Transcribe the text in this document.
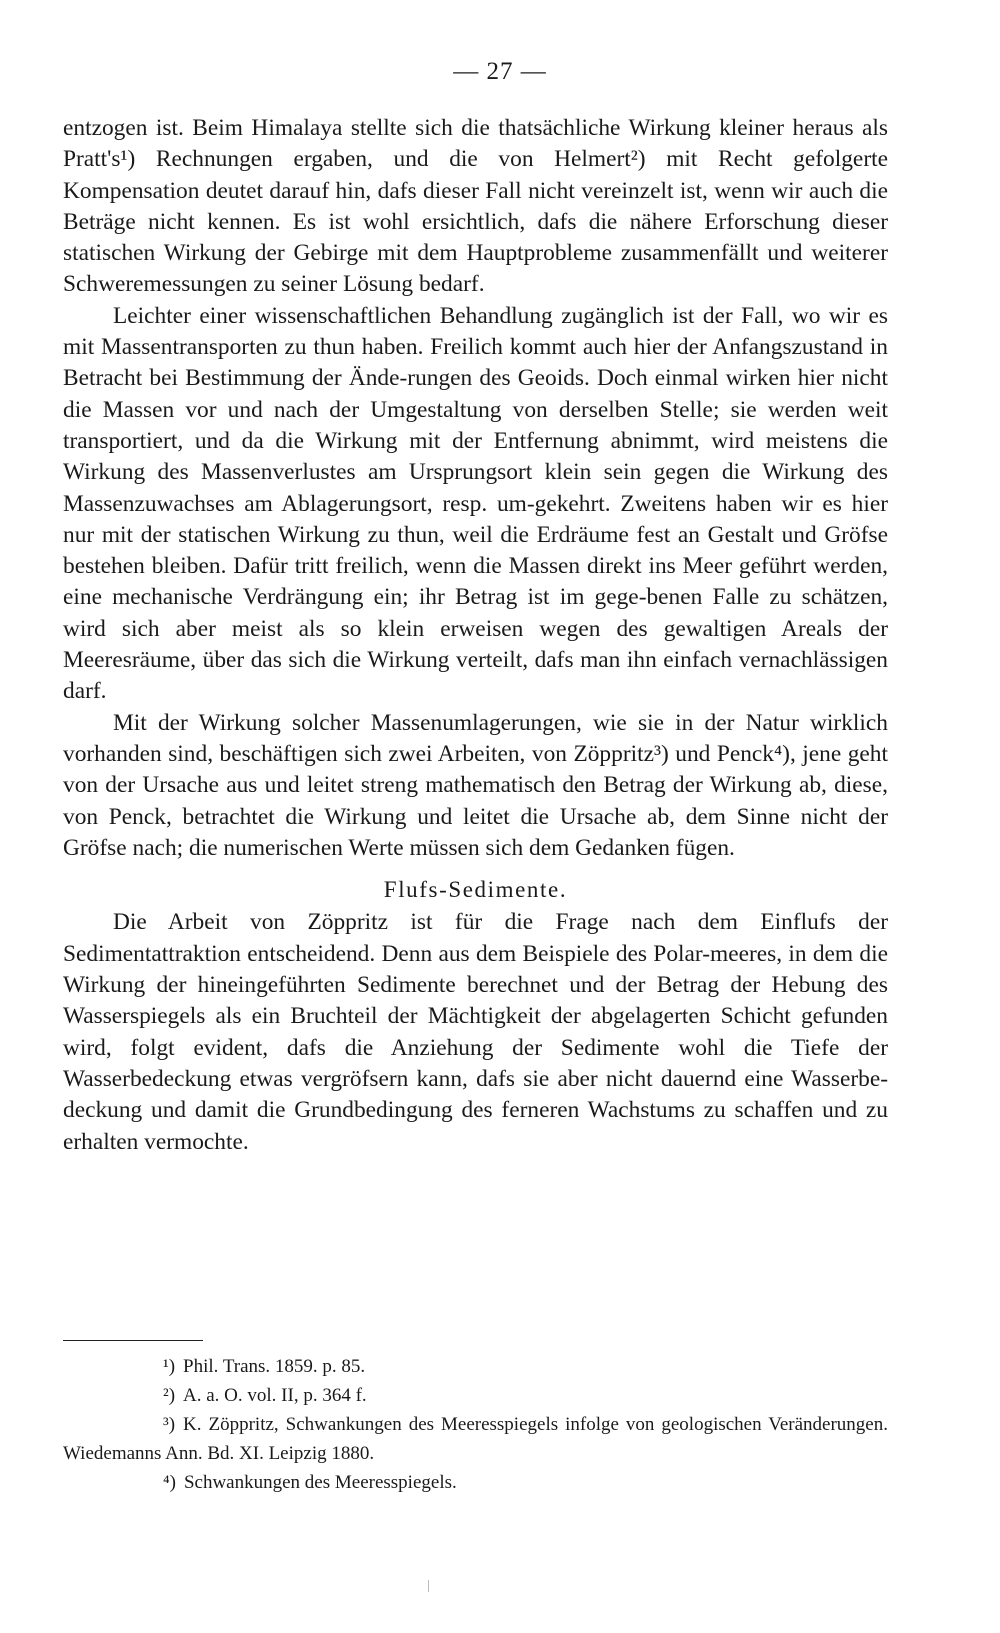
— 27 —

entzogen ist. Beim Himalaya stellte sich die thatsächliche Wirkung kleiner heraus als Pratt's¹) Rechnungen ergaben, und die von Helmert²) mit Recht gefolgerte Kompensation deutet darauf hin, dafs dieser Fall nicht vereinzelt ist, wenn wir auch die Beträge nicht kennen. Es ist wohl ersichtlich, dafs die nähere Erforschung dieser statischen Wirkung der Gebirge mit dem Hauptprobleme zusammenfällt und weiterer Schweremessungen zu seiner Lösung bedarf.

Leichter einer wissenschaftlichen Behandlung zugänglich ist der Fall, wo wir es mit Massentransporten zu thun haben. Freilich kommt auch hier der Anfangszustand in Betracht bei Bestimmung der Ände-rungen des Geoids. Doch einmal wirken hier nicht die Massen vor und nach der Umgestaltung von derselben Stelle; sie werden weit transportiert, und da die Wirkung mit der Entfernung abnimmt, wird meistens die Wirkung des Massenverlustes am Ursprungsort klein sein gegen die Wirkung des Massenzuwachses am Ablagerungsort, resp. um-gekehrt. Zweitens haben wir es hier nur mit der statischen Wirkung zu thun, weil die Erdräume fest an Gestalt und Gröfse bestehen bleiben. Dafür tritt freilich, wenn die Massen direkt ins Meer geführt werden, eine mechanische Verdrängung ein; ihr Betrag ist im gege-benen Falle zu schätzen, wird sich aber meist als so klein erweisen wegen des gewaltigen Areals der Meeresräume, über das sich die Wirkung verteilt, dafs man ihn einfach vernachlässigen darf.

Mit der Wirkung solcher Massenumlagerungen, wie sie in der Natur wirklich vorhanden sind, beschäftigen sich zwei Arbeiten, von Zöppritz³) und Penck⁴), jene geht von der Ursache aus und leitet streng mathematisch den Betrag der Wirkung ab, diese, von Penck, betrachtet die Wirkung und leitet die Ursache ab, dem Sinne nicht der Gröfse nach; die numerischen Werte müssen sich dem Gedanken fügen.

Flufs-Sedimente.

Die Arbeit von Zöppritz ist für die Frage nach dem Einflufs der Sedimentattraktion entscheidend. Denn aus dem Beispiele des Polar-meeres, in dem die Wirkung der hineingeführten Sedimente berechnet und der Betrag der Hebung des Wasserspiegels als ein Bruchteil der Mächtigkeit der abgelagerten Schicht gefunden wird, folgt evident, dafs die Anziehung der Sedimente wohl die Tiefe der Wasserbedeckung etwas vergröfsern kann, dafs sie aber nicht dauernd eine Wasserbe-deckung und damit die Grundbedingung des ferneren Wachstums zu schaffen und zu erhalten vermochte.

¹) Phil. Trans. 1859. p. 85.

²) A. a. O. vol. II, p. 364 f.

³) K. Zöppritz, Schwankungen des Meeresspiegels infolge von geologischen Veränderungen. Wiedemanns Ann. Bd. XI. Leipzig 1880.

⁴) Schwankungen des Meeresspiegels.
